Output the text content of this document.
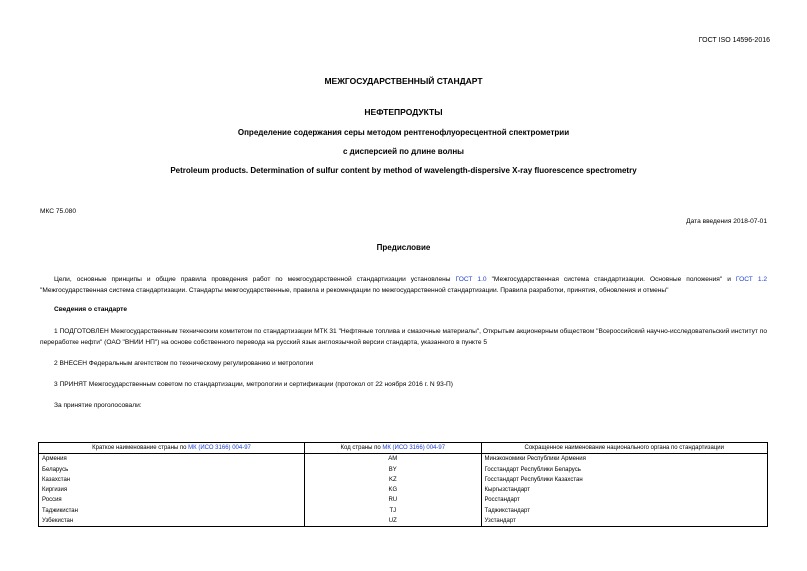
ГОСТ ISO 14596-2016
МЕЖГОСУДАРСТВЕННЫЙ СТАНДАРТ
НЕФТЕПРОДУКТЫ
Определение содержания серы методом рентгенофлуоресцентной спектрометрии
с дисперсией по длине волны
Petroleum products. Determination of sulfur content by method of wavelength-dispersive X-ray fluorescence spectrometry
МКС 75.080
Дата введения 2018-07-01
Предисловие
Цели, основные принципы и общие правила проведения работ по межгосударственной стандартизации установлены ГОСТ 1.0 "Межгосударственная система стандартизации. Основные положения" и ГОСТ 1.2 "Межгосударственная система стандартизации. Стандарты межгосударственные, правила и рекомендации по межгосударственной стандартизации. Правила разработки, принятия, обновления и отмены"
Сведения о стандарте
1 ПОДГОТОВЛЕН Межгосударственным техническим комитетом по стандартизации МТК 31 "Нефтяные топлива и смазочные материалы", Открытым акционерным обществом "Всероссийский научно-исследовательский институт по переработке нефти" (ОАО "ВНИИ НП") на основе собственного перевода на русский язык англоязычной версии стандарта, указанного в пункте 5
2 ВНЕСЕН Федеральным агентством по техническому регулированию и метрологии
3 ПРИНЯТ Межгосударственным советом по стандартизации, метрологии и сертификации (протокол от 22 ноября 2016 г. N 93-П)
За принятие проголосовали:
Краткое наименование страны по МК (ИСО 3166) 004-97	Код страны по МК (ИСО 3166) 004-97	Сокращенное наименование национального органа по стандартизации
Армения	AM	Минэкономики Республики Армения
Беларусь	BY	Госстандарт Республики Беларусь
Казахстан	KZ	Госстандарт Республики Казахстан
Киргизия	KG	Кыргызстандарт
Россия	RU	Росстандарт
Таджикистан	TJ	Таджикстандарт
Узбекистан	UZ	Узстандарт
